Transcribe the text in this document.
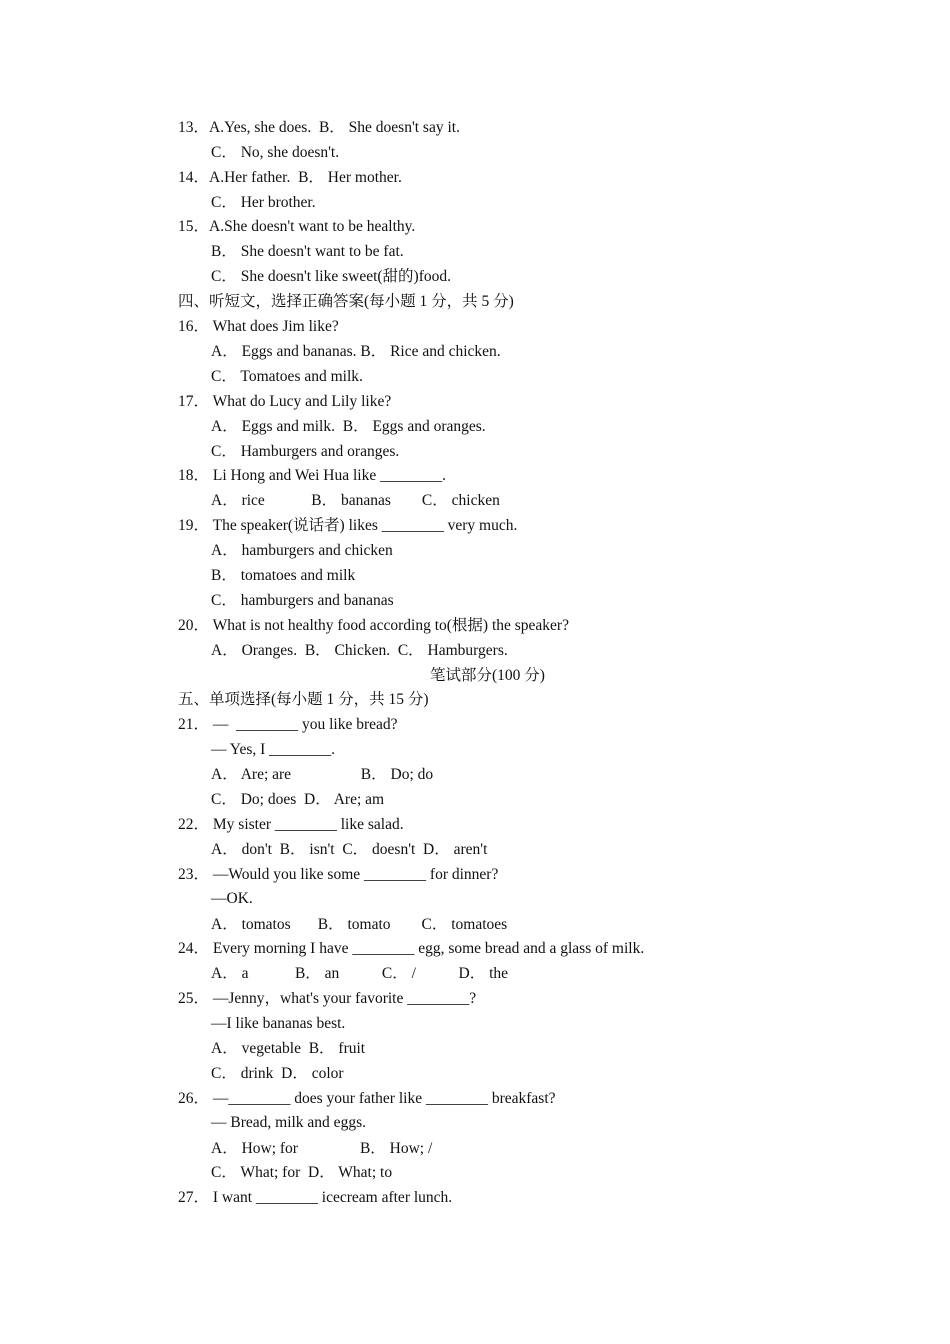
13．A.Yes, she does.  B． She doesn't say it.
C． No, she doesn't.
14．A.Her father.  B． Her mother.
C． Her brother.
15．A.She doesn't want to be healthy.
B． She doesn't want to be fat.
C． She doesn't like sweet(甜的)food.
四、听短文，选择正确答案(每小题 1 分，共 5 分)
16． What does Jim like?
A． Eggs and bananas. B． Rice and chicken.
C． Tomatoes and milk.
17． What do Lucy and Lily like?
A． Eggs and milk.  B． Eggs and oranges.
C． Hamburgers and oranges.
18． Li Hong and Wei Hua like ________.
A． rice            B． bananas        C． chicken
19． The speaker(说话者) likes ________ very much.
A． hamburgers and chicken
B． tomatoes and milk
C． hamburgers and bananas
20． What is not healthy food according to(根据) the speaker?
A． Oranges.  B． Chicken.  C． Hamburgers.
笔试部分(100 分)
五、单项选择(每小题 1 分，共 15 分)
21． —  ________ you like bread?
— Yes, I ________.
A． Are; are                  B． Do; do
C． Do; does  D． Are; am
22． My sister ________ like salad.
A． don't  B． isn't  C． doesn't  D． aren't
23． —Would you like some ________ for dinner?
—OK.
A． tomatos       B． tomato        C． tomatoes
24． Every morning I have ________ egg, some bread and a glass of milk.
A． a            B． an           C． /           D． the
25． —Jenny，what's your favorite ________?
—I like bananas best.
A． vegetable  B． fruit
C． drink  D． color
26． —________ does your father like ________ breakfast?
— Bread, milk and eggs.
A． How; for                B． How; /
C． What; for  D． What; to
27． I want ________ icecream after lunch.
